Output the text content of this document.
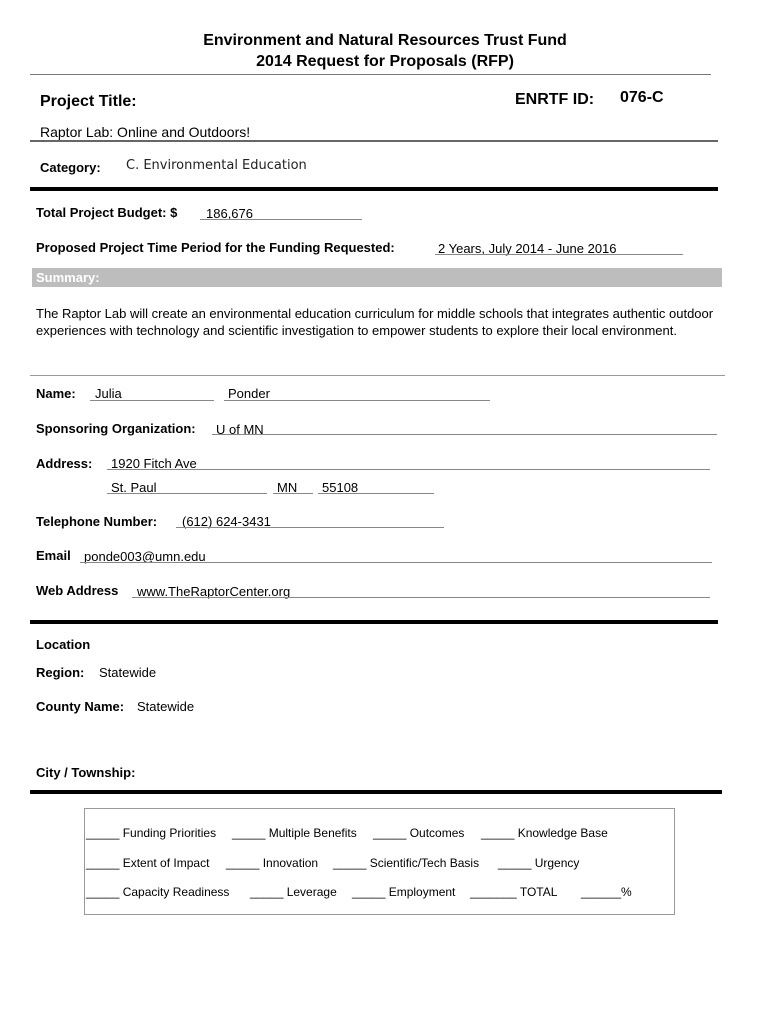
Environment and Natural Resources Trust Fund
2014 Request for Proposals (RFP)
Project Title:	ENRTF ID: 076-C
Raptor Lab: Online and Outdoors!
Category: C. Environmental Education
Total Project Budget: $ 186,676
Proposed Project Time Period for the Funding Requested:	2 Years, July 2014 - June 2016
Summary:
The Raptor Lab will create an environmental education curriculum for middle schools that integrates authentic outdoor experiences with technology and scientific investigation to empower students to explore their local environment.
Name: Julia	Ponder
Sponsoring Organization: U of MN
Address: 1920 Fitch Ave
St. Paul	MN 55108
Telephone Number: (612) 624-3431
Email ponde003@umn.edu
Web Address www.TheRaptorCenter.org
Location
Region: Statewide
County Name: Statewide
City / Township:
_____ Funding Priorities _____ Multiple Benefits _____ Outcomes _____ Knowledge Base
_____ Extent of Impact _____ Innovation _____ Scientific/Tech Basis _____ Urgency
_____ Capacity Readiness _____ Leverage _____ Employment _______ TOTAL ______%
